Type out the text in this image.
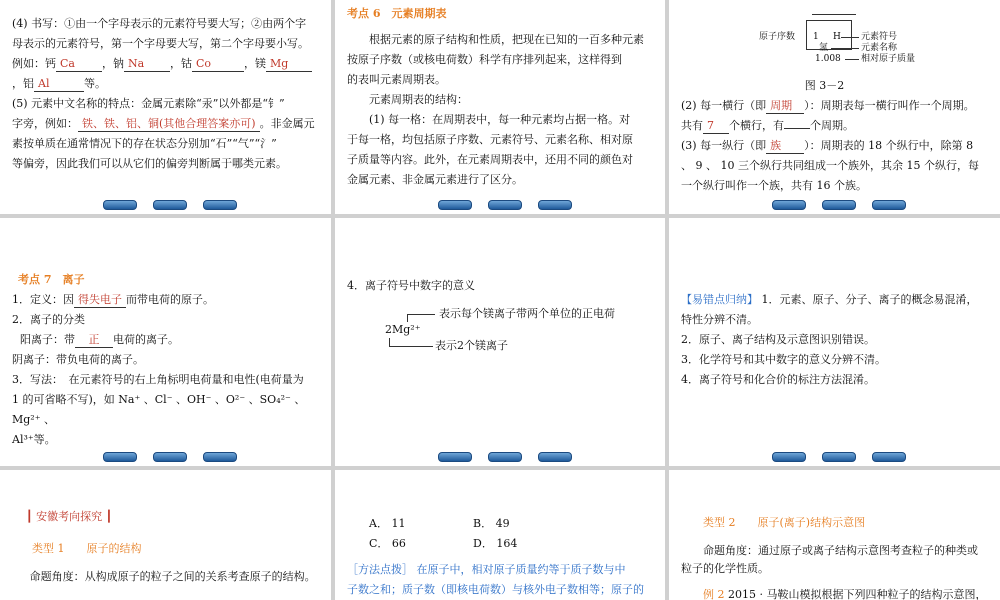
(4) 书写：①由一个字母表示的元素符号要大写；②由两个字

母表示的元素符号，第一个字母要大写，第二个字母要小写。

例如：钙 Ca ，钠 Na ，钴 Co	，镁 Mg

，铝 Al	等。

(5) 元素中文名称的特点：金属元素除“汞”以外都是“钅”

字旁，例如： 铁、铁、铝、铜(其他合理答案亦可) 。非金属元

素按单质在通常情况下的存在状态分别加“石”“气”“氵”

等偏旁，因此我们可以从它们的偏旁判断属于哪类元素。

考点 6　元素周期表

根据元素的原子结构和性质，把现在已知的一百多种元素

按原子序数（或核电荷数）科学有序排列起来，这样得到

的表叫元素周期表。

元素周期表的结构：

(1) 每一格：在周期表中，每一种元素均占据一格。对

于每一格，均包括原子序数、元素符号、元素名称、相对原

子质量等内容。此外，在元素周期表中，还用不同的颜色对

金属元素、非金属元素进行了区分。

原子序数 1 H
氢
1.008
元素符号
元素名称
相对原子质量

图 3－2

(2) 每一横行（即 周期 ）：周期表每一横行叫作一个周期。

共有 7 个横行，有 个周期。

(3) 每一纵行（即 族 ）：周期表的 18 个纵行中，除第 8

、 9 、 10 三个纵行共同组成一个族外，其余 15 个纵行，每

一个纵行叫作一个族，共有 16 个族。

考点 7　离子

1．定义：因 得失电子 而带电荷的原子。

2．离子的分类

阳离子：带 正 电荷的离子。

阴离子：带负电荷的离子。

3．写法：　在元素符号的右上角标明电荷量和电性(电荷量为

1 的可省略不写)，如 Na⁺ 、Cl⁻ 、OH⁻ 、O²⁻ 、SO₄²⁻ 、Mg²⁺ 、

Al³⁺等。

4．离子符号中数字的意义

表示每个镁离子带两个单位的正电荷
2Mg²⁺
表示2个镁离子

【易错点归纳】 1．元素、原子、分子、离子的概念易混淆，

特性分辨不清。

2．原子、离子结构及示意图识别错误。

3．化学符号和其中数字的意义分辨不清。

4．离子符号和化合价的标注方法混淆。

┃ 安徽考向探究 ┃

类型 1　　原子的结构

命题角度：从构成原子的粒子之间的关系考查原子的结构。

A． 11	B． 49

C． 66	D． 164

［方法点拨］ 在原子中，相对原子质量约等于质子数与中

子数之和；质子数（即核电荷数）与核外电子数相等；原子的

类型 2　　原子(离子)结构示意图

命题角度：通过原子或离子结构示意图考查粒子的种类或

粒子的化学性质。

例 2 2015 · 马鞍山模拟根据下列四种粒子的结构示意图，
